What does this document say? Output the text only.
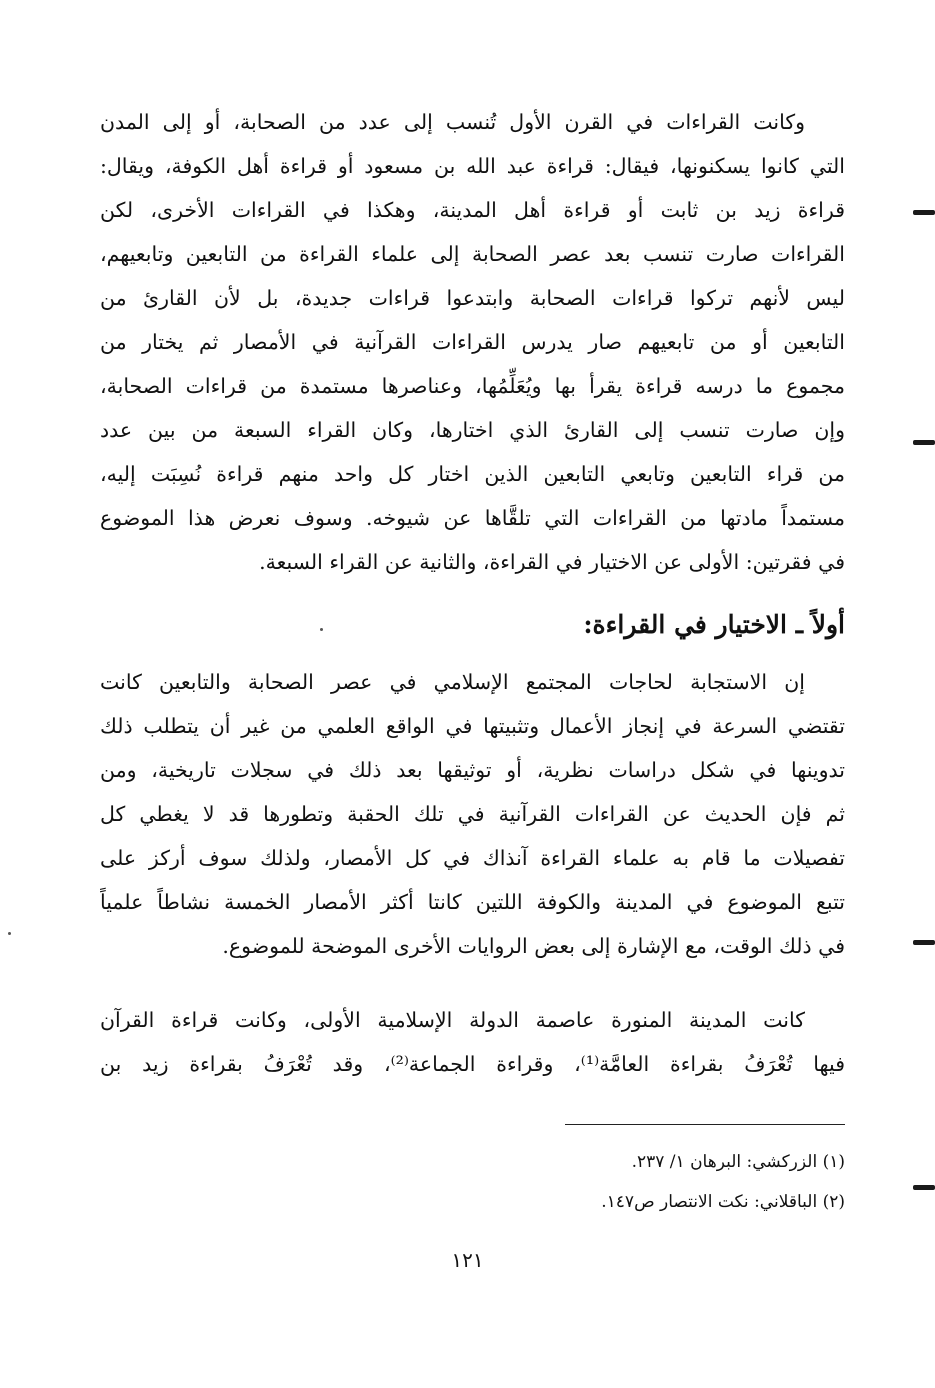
وكانت القراءات في القرن الأول تُنسب إلى عدد من الصحابة، أو إلى المدن
التي كانوا يسكنونها، فيقال: قراءة عبد الله بن مسعود أو قراءة أهل الكوفة، ويقال:
قراءة زيد بن ثابت أو قراءة أهل المدينة، وهكذا في القراءات الأخرى، لكن
القراءات صارت تنسب بعد عصر الصحابة إلى علماء القراءة من التابعين وتابعيهم،
ليس لأنهم تركوا قراءات الصحابة وابتدعوا قراءات جديدة، بل لأن القارئ من
التابعين أو من تابعيهم صار يدرس القراءات القرآنية في الأمصار ثم يختار من
مجموع ما درسه قراءة يقرأ بها ويُعَلِّمُها، وعناصرها مستمدة من قراءات الصحابة،
وإن صارت تنسب إلى القارئ الذي اختارها، وكان القراء السبعة من بين عدد
من قراء التابعين وتابعي التابعين الذين اختار كل واحد منهم قراءة نُسِبَت إليه،
مستمداً مادتها من القراءات التي تلقَّاها عن شيوخه. وسوف نعرض هذا الموضوع
في فقرتين: الأولى عن الاختيار في القراءة، والثانية عن القراء السبعة.
أولاً ـ الاختيار في القراءة:
إن الاستجابة لحاجات المجتمع الإسلامي في عصر الصحابة والتابعين كانت
تقتضي السرعة في إنجاز الأعمال وتثبيتها في الواقع العلمي من غير أن يتطلب ذلك
تدوينها في شكل دراسات نظرية، أو توثيقها بعد ذلك في سجلات تاريخية، ومن
ثم فإن الحديث عن القراءات القرآنية في تلك الحقبة وتطورها قد لا يغطي كل
تفصيلات ما قام به علماء القراءة آنذاك في كل الأمصار، ولذلك سوف أركز على
تتبع الموضوع في المدينة والكوفة اللتين كانتا أكثر الأمصار الخمسة نشاطاً علمياً
في ذلك الوقت، مع الإشارة إلى بعض الروايات الأخرى الموضحة للموضوع.
كانت المدينة المنورة عاصمة الدولة الإسلامية الأولى، وكانت قراءة القرآن
فيها تُعْرَفُ بقراءة العامَّة⁽¹⁾، وقراءة الجماعة⁽²⁾، وقد تُعْرَفُ بقراءة زيد بن
(١) الزركشي: البرهان ١/ ٢٣٧.
(٢) الباقلاني: نكت الانتصار ص١٤٧.
١٢١
